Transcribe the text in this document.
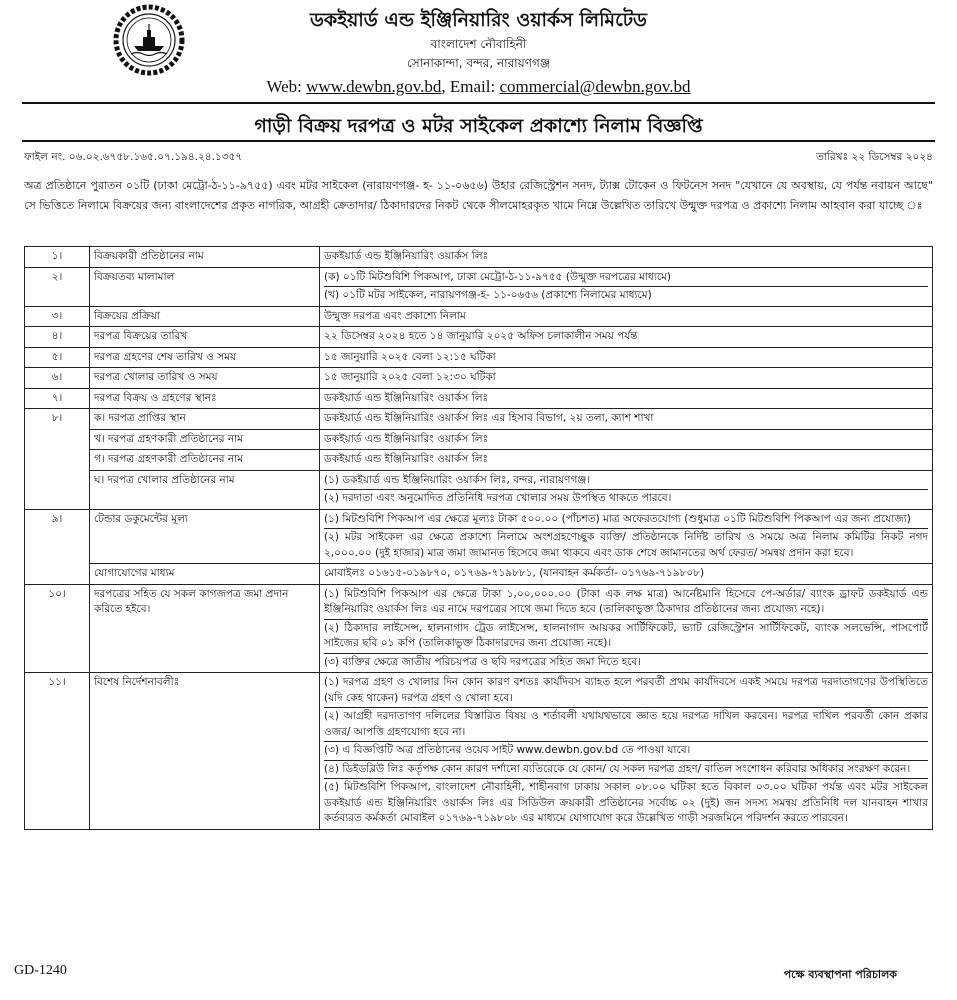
ডকইয়ার্ড এন্ড ইঞ্জিনিয়ারিং ওয়ার্কস লিমিটেড
বাংলাদেশ নৌবাহিনী
সোনাকান্দা, বন্দর, নারায়ণগঞ্জ
Web: www.dewbn.gov.bd, Email: commercial@dewbn.gov.bd
গাড়ী বিক্রয় দরপত্র ও মটর সাইকেল প্রকাশ্যে নিলাম বিজ্ঞপ্তি
ফাইল নং. ০৬.০২.৬৭৫৮.১৬৫.০৭.১৯৪.২৪.১৩৫৭	তারিখঃ ২২ ডিসেম্বর ২০২৪

অত্র প্রতিষ্ঠানে পুরাতন ০১টি (ঢাকা মেট্রো-ঠ-১১-৯৭৫৫) এবং মটর সাইকেল (নারায়ণগঞ্জ- হ- ১১-০৬৫৬) উহার রেজিস্ট্রেশন সনদ, ট্যাক্স টোকেন ও ফিটনেস সনদ "যেখানে যে অবস্থায়, যে পর্যন্ত নবায়ন আছে" সে ভিত্তিতে নিলামে বিক্রয়ের জন্য বাংলাদেশের প্রকৃত নাগরিক, আগ্রহী ক্রেতাদার/ ঠিকাদারদের নিকট থেকে সীলমোহরকৃত খামে নিম্নে উল্লেখিত তারিখে উন্মুক্ত দরপত্র ও প্রকাশ্যে নিলাম আহবান করা যাচ্ছে ঃ

১।	বিক্রয়কারী প্রতিষ্ঠানের নাম	ডকইয়ার্ড এন্ড ইঞ্জিনিয়ারিং ওয়ার্কস লিঃ
২।	বিক্রয়তব্য মালামাল	(ক) ০১টি মিটশুবিশি পিকআপ, ঢাকা মেট্রো-ঠ-১১-৯৭৫৫ (উন্মুক্ত দরপত্রের মাধ্যমে)
(খ) ০১টি মটর সাইকেল, নারায়ণগঞ্জ-হ- ১১-০৬৫৬ (প্রকাশ্যে নিলামের মাধ্যমে)

৩।	বিক্রয়ের প্রক্রিয়া	উন্মুক্ত দরপত্র এবং প্রকাশ্যে নিলাম
৪।	দরপত্র বিক্রয়ের তারিখ	২২ ডিসেম্বর ২০২৪ হতে ১৪ জানুয়ারি ২০২৫ অফিস চলাকালীন সময় পর্যন্ত
৫।	দরপত্র গ্রহণের শেষ তারিখ ও সময়	১৫ জানুয়ারি ২০২৫ বেলা ১২:১৫ ঘটিকা
৬।	দরপত্র খোলার তারিখ ও সময়	১৫ জানুয়ারি ২০২৫ বেলা ১২:৩০ ঘটিকা
৭।	দরপত্র বিক্রয় ও গ্রহণের স্থানঃ	ডকইয়ার্ড এন্ড ইঞ্জিনিয়ারিং ওয়ার্কস লিঃ
৮।	ক। দরপত্র প্রাপ্তির স্থান	ডকইয়ার্ড এন্ড ইঞ্জিনিয়ারিং ওয়ার্কস লিঃ এর হিসাব বিভাগ, ২য় তলা, ক্যাশ শাখা
	খ। দরপত্র গ্রহণকারী প্রতিষ্ঠানের নাম	ডকইয়ার্ড এন্ড ইঞ্জিনিয়ারিং ওয়ার্কস লিঃ
	গ। দরপত্র গ্রহণকারী প্রতিষ্ঠানের নাম	ডকইয়ার্ড এন্ড ইঞ্জিনিয়ারিং ওয়ার্কস লিঃ
	ঘ। দরপত্র খোলার প্রতিষ্ঠানের নাম	(১) ডকইয়ার্ড এন্ড ইঞ্জিনিয়ারিং ওয়ার্কস লিঃ, বন্দর, নারায়ণগঞ্জ।
(২) দরদাতা এবং অনুমোদিত প্রতিনিধি দরপত্র খোলার সময় উপস্থিত থাকতে পারবে।

৯।	টেন্ডার ডকুমেন্টের মূল্য	(১) মিটশুবিশি পিকআপ এর ক্ষেত্রে মূল্যঃ টাকা ৫০০.০০ (পাঁচশত) মাত্র অফেরতযোগ্য (শুধুমাত্র ০১টি মিটশুবিশি পিকআপ এর জন্য প্রযোজ্য)
(২) মটর সাইকেল এর ক্ষেত্রে প্রকাশ্যে নিলামে অংশগ্রহণেচ্ছুক ব্যক্তি/ প্রতিষ্ঠানকে নির্দিষ্ট তারিখ ও সময়ে অত্র নিলাম কমিটির নিকট নগদ ২,০০০.০০ (দুই হাজার) মাত্র জমা জামানত হিসেবে জমা থাকবে এবং ডাক শেষে জামানতের অর্থ ফেরত/ সমন্বয় প্রদান করা হবে।

	যোগাযোগের মাধ্যম	মোবাইলঃ ০১৬১৫-০১৯৮৭০, ০১৭৬৯-৭১৯৮৮১, (যানবাহন কর্মকর্তা- ০১৭৬৯-৭১৯৮০৮)
১০।	দরপত্রের সহিত যে সকল কাগজপত্র জমা প্রদান করিতে হইবে।	(১) মিটশুবিশি পিকআপ এর ক্ষেত্রে টাকা ১,০০,০০০.০০ (টাকা এক লক্ষ মাত্র) আর্নেষ্টমানি হিসেবে পে-অর্ডার/ ব্যাংক ড্রাফট ডকইয়ার্ড এন্ড ইঞ্জিনিয়ারিং ওয়ার্কস লিঃ এর নামে দরপত্রের সাথে জমা দিতে হবে (তালিকাভুক্ত ঠিকাদার প্রতিষ্ঠানের জন্য প্রযোজ্য নহে)।
(২) ঠিকাদার লাইসেন্স, হালনাগাদ ট্রেড লাইসেন্স, হালনাগাদ আয়কর সার্টিফিকেট, ভ্যাট রেজিস্ট্রেশন সার্টিফিকেট, ব্যাংক সলভেন্সি, পাসপোর্ট সাইজের ছবি ০১ কপি (তালিকাভুক্ত ঠিকাদারদের জন্য প্রযোজ্য নহে)।
(৩) ব্যক্তির ক্ষেত্রে জাতীয় পরিচয়পত্র ও ছবি দরপত্রের সহিত জমা দিতে হবে।

১১।	বিশেষ নির্দেশনাবলীঃ	(১) দরপত্র গ্রহণ ও খোলার দিন কোন কারণ বশতঃ কার্যদিবস ব্যাহত হলে পরবর্তী প্রথম কার্যদিবসে একই সময়ে দরপত্র দরদাতাগণের উপস্থিতিতে (যদি কেহ থাকেন) দরপত্র গ্রহণ ও খোলা হবে।
(২) আগ্রহী দরদাতাগণ দলিলের বিস্তারিত বিষয় ও শর্তাবলী যথাযথভাবে জ্ঞাত হয়ে দরপত্র দাখিল করবেন। দরপত্র দাখিল পরবর্তী কোন প্রকার ওজর/ আপত্তি গ্রহণযোগ্য হবে না।
(৩) এ বিজ্ঞপ্তিটি অত্র প্রতিষ্ঠানের ওয়েব সাইট www.dewbn.gov.bd তে পাওয়া যাবে।
(৪) ডিইডব্লিউ লিঃ কর্তৃপক্ষ কোন কারণ দর্শানো ব্যতিরেকে যে কোন/ যে সকল দরপত্র গ্রহণ/ বাতিল সংশোধন করিবার অধিকার সংরক্ষণ করেন।
(৫) মিটশুবিশি পিকআপ, বাংলাদেশ নৌবাহিনী, শাহীনবাগ ঢাকায় সকাল ০৮.০০ ঘটিকা হতে বিকাল ০৩.০০ ঘটিকা পর্যন্ত এবং মটর সাইকেল ডকইয়ার্ড এন্ড ইঞ্জিনিয়ারিং ওয়ার্কস লিঃ এর সিডিউল ক্রয়কারী প্রতিষ্ঠানের সর্বোচ্চ ০২ (দুই) জন সদস্য সমন্বয় প্রতিনিধি দল যানবাহন শাখার কর্তব্যরত কর্মকর্তা মোবাইল ০১৭৬৯-৭১৯৮০৮ এর মাধ্যমে যোগাযোগ করে উল্লেখিত গাড়ী সরজমিনে পরিদর্শন করতে পারবেন।
GD-1240	পক্ষে ব্যবস্থাপনা পরিচালক
